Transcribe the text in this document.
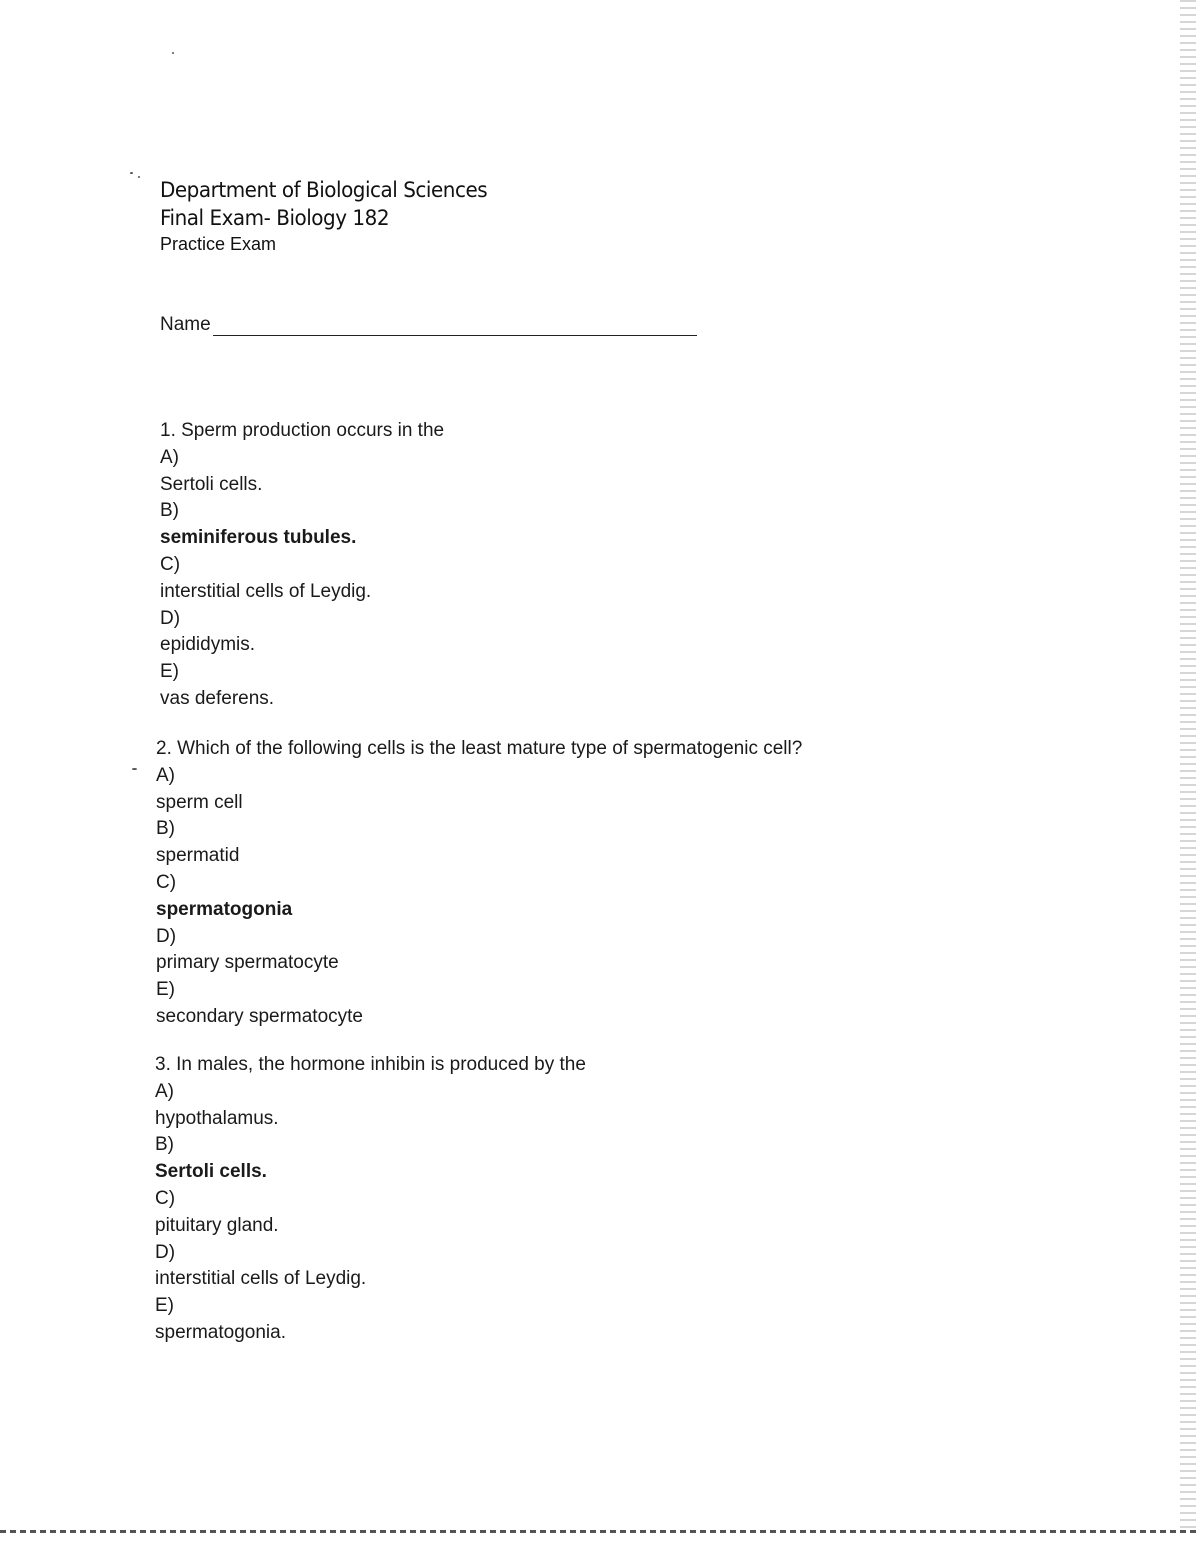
Department of Biological Sciences
Final Exam- Biology 182
Practice Exam
Name
1. Sperm production occurs in the
A)
Sertoli cells.
B)
seminiferous tubules.
C)
interstitial cells of Leydig.
D)
epididymis.
E)
vas deferens.
2. Which of the following cells is the least mature type of spermatogenic cell?
A)
sperm cell
B)
spermatid
C)
spermatogonia
D)
primary spermatocyte
E)
secondary spermatocyte
3. In males, the hormone inhibin is produced by the
A)
hypothalamus.
B)
Sertoli cells.
C)
pituitary gland.
D)
interstitial cells of Leydig.
E)
spermatogonia.
